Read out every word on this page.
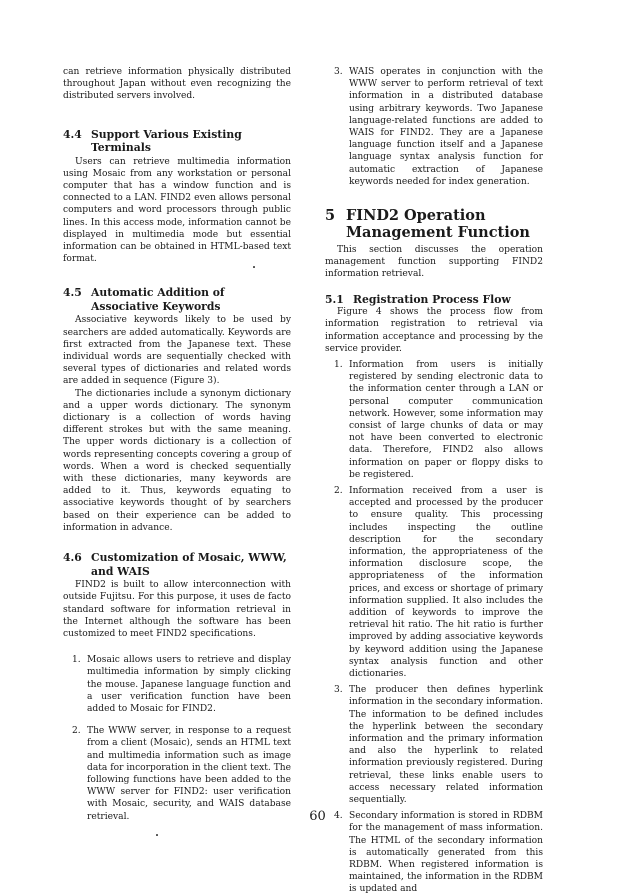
can retrieve information physically distributed throughout Japan without even recognizing the distributed servers involved.

4.4 Support Various Existing Terminals

Users can retrieve multimedia information using Mosaic from any workstation or personal computer that has a window function and is connected to a LAN. FIND2 even allows personal computers and word processors through public lines. In this access mode, information cannot be displayed in multimedia mode but essential information can be obtained in HTML-based text format.

4.5 Automatic Addition of Associative Keywords

Associative keywords likely to be used by searchers are added automatically. Keywords are first extracted from the Japanese text. These individual words are sequentially checked with several types of dictionaries and related words are added in sequence (Figure 3).

The dictionaries include a synonym dictionary and a upper words dictionary. The synonym dictionary is a collection of words having different strokes but with the same meaning. The upper words dictionary is a collection of words representing concepts covering a group of words. When a word is checked sequentially with these dictionaries, many keywords are added to it. Thus, keywords equating to associative keywords thought of by searchers based on their experience can be added to information in advance.

4.6 Customization of Mosaic, WWW, and WAIS

FIND2 is built to allow interconnection with outside Fujitsu. For this purpose, it uses de facto standard software for information retrieval in the Internet although the software has been customized to meet FIND2 specifications.

1. Mosaic allows users to retrieve and display multimedia information by simply clicking the mouse. Japanese language function and a user verification function have been added to Mosaic for FIND2.
2. The WWW server, in response to a request from a client (Mosaic), sends an HTML text and multimedia information such as image data for incorporation in the client text. The following functions have been added to the WWW server for FIND2: user verification with Mosaic, security, and WAIS database retrieval.
3. WAIS operates in conjunction with the WWW server to perform retrieval of text information in a distributed database using arbitrary keywords. Two Japanese language-related functions are added to WAIS for FIND2. They are a Japanese language function itself and a Japanese language syntax analysis function for automatic extraction of Japanese keywords needed for index generation.
5 FIND2 Operation Management Function

This section discusses the operation management function supporting FIND2 information retrieval.

5.1 Registration Process Flow

Figure 4 shows the process flow from information registration to retrieval via information acceptance and processing by the service provider.

1. Information from users is initially registered by sending electronic data to the information center through a LAN or personal computer communication network. However, some information may consist of large chunks of data or may not have been converted to electronic data. Therefore, FIND2 also allows information on paper or floppy disks to be registered.
2. Information received from a user is accepted and processed by the producer to ensure quality. This processing includes inspecting the outline description for the secondary information, the appropriateness of the information disclosure scope, the appropriateness of the information prices, and excess or shortage of primary information supplied. It also includes the addition of keywords to improve the retrieval hit ratio. The hit ratio is further improved by adding associative keywords by keyword addition using the Japanese syntax analysis function and other dictionaries.
3. The producer then defines hyperlink information in the secondary information. The information to be defined includes the hyperlink between the secondary information and the primary information and also the hyperlink to related information previously registered. During retrieval, these links enable users to access necessary related information sequentially.
4. Secondary information is stored in RDBM for the management of mass information. The HTML of the secondary information is automatically generated from this RDBM. When registered information is maintained, the information in the RDBM is updated and
60
